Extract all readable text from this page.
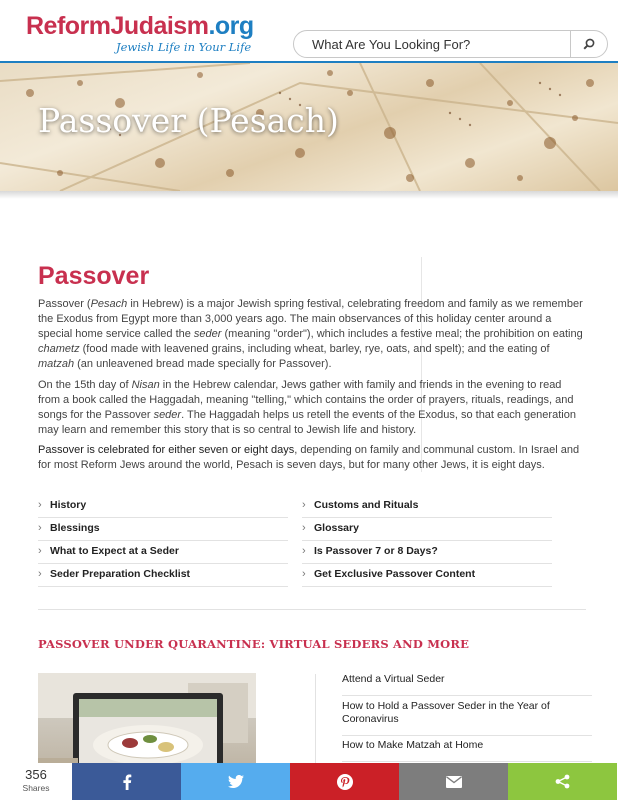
ReformJudaism.org
Jewish Life in Your Life
What Are You Looking For?
Passover (Pesach)
Passover

Passover (Pesach in Hebrew) is a major Jewish spring festival, celebrating freedom and family as we remember the Exodus from Egypt more than 3,000 years ago. The main observances of this holiday center around a special home service called the seder (meaning "order"), which includes a festive meal; the prohibition on eating chametz (food made with leavened grains, including wheat, barley, rye, oats, and spelt); and the eating of matzah (an unleavened bread made specially for Passover).

On the 15th day of Nisan in the Hebrew calendar, Jews gather with family and friends in the evening to read from a book called the Haggadah, meaning "telling," which contains the order of prayers, rituals, readings, and songs for the Passover seder. The Haggadah helps us retell the events of the Exodus, so that each generation may learn and remember this story that is so central to Jewish life and history.

Passover is celebrated for either seven or eight days, depending on family and communal custom. In Israel and for most Reform Jews around the world, Pesach is seven days, but for many other Jews, it is eight days.

› History	› Customs and Rituals
› Blessings	› Glossary
› What to Expect at a Seder	› Is Passover 7 or 8 Days?
› Seder Preparation Checklist	› Get Exclusive Passover Content
PASSOVER UNDER QUARANTINE: VIRTUAL SEDERS AND MORE
Attend a Virtual Seder
How to Hold a Passover Seder in the Year of Coronavirus
How to Make Matzah at Home
356
Shares
